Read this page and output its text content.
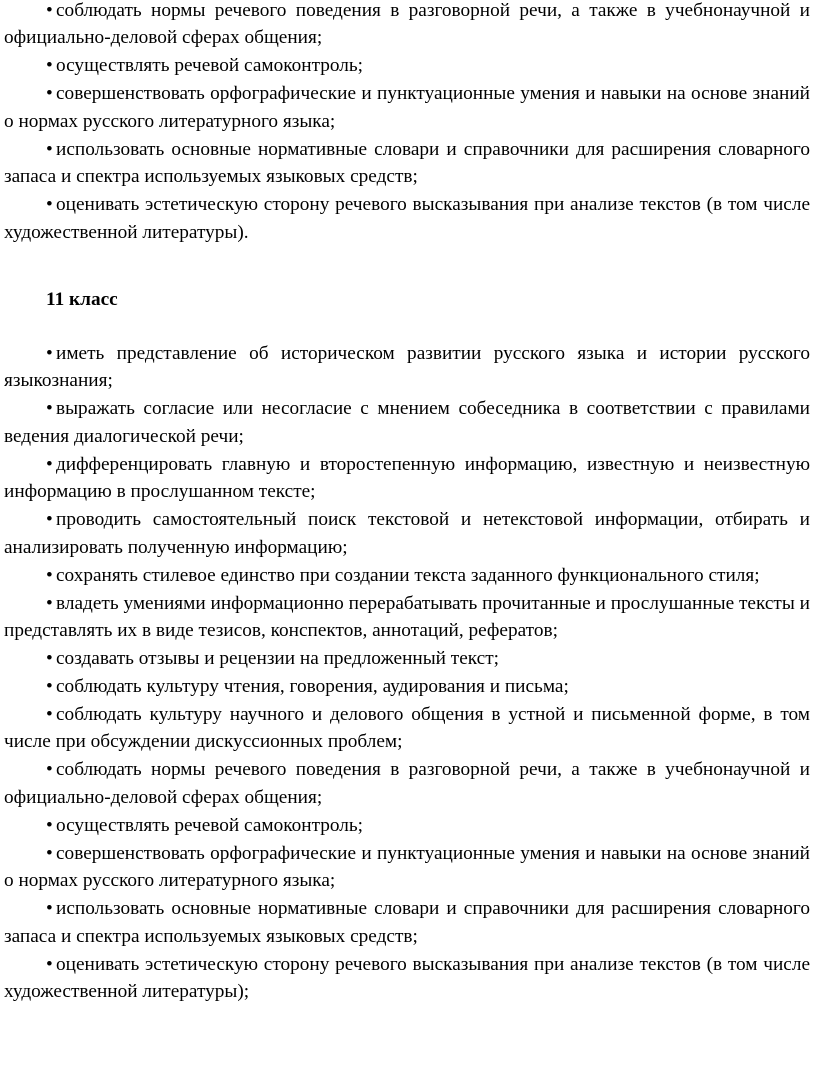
• соблюдать нормы речевого поведения в разговорной речи, а также в учебнонаучной и официально-деловой сферах общения;

• осуществлять речевой самоконтроль;

• совершенствовать орфографические и пунктуационные умения и навыки на основе знаний о нормах русского литературного языка;

• использовать основные нормативные словари и справочники для расширения словарного запаса и спектра используемых языковых средств;

• оценивать эстетическую сторону речевого высказывания при анализе текстов (в том числе художественной литературы).

11 класс

• иметь представление об историческом развитии русского языка и истории русского языкознания;

• выражать согласие или несогласие с мнением собеседника в соответствии с правилами ведения диалогической речи;

• дифференцировать главную и второстепенную информацию, известную и неизвестную информацию в прослушанном тексте;

• проводить самостоятельный поиск текстовой и нетекстовой информации, отбирать и анализировать полученную информацию;

• сохранять стилевое единство при создании текста заданного функционального стиля;

• владеть умениями информационно перерабатывать прочитанные и прослушанные тексты и представлять их в виде тезисов, конспектов, аннотаций, рефератов;

• создавать отзывы и рецензии на предложенный текст;

• соблюдать культуру чтения, говорения, аудирования и письма;

• соблюдать культуру научного и делового общения в устной и письменной форме, в том числе при обсуждении дискуссионных проблем;

• соблюдать нормы речевого поведения в разговорной речи, а также в учебнонаучной и официально-деловой сферах общения;

• осуществлять речевой самоконтроль;

• совершенствовать орфографические и пунктуационные умения и навыки на основе знаний о нормах русского литературного языка;

• использовать основные нормативные словари и справочники для расширения словарного запаса и спектра используемых языковых средств;

• оценивать эстетическую сторону речевого высказывания при анализе текстов (в том числе художественной литературы);
